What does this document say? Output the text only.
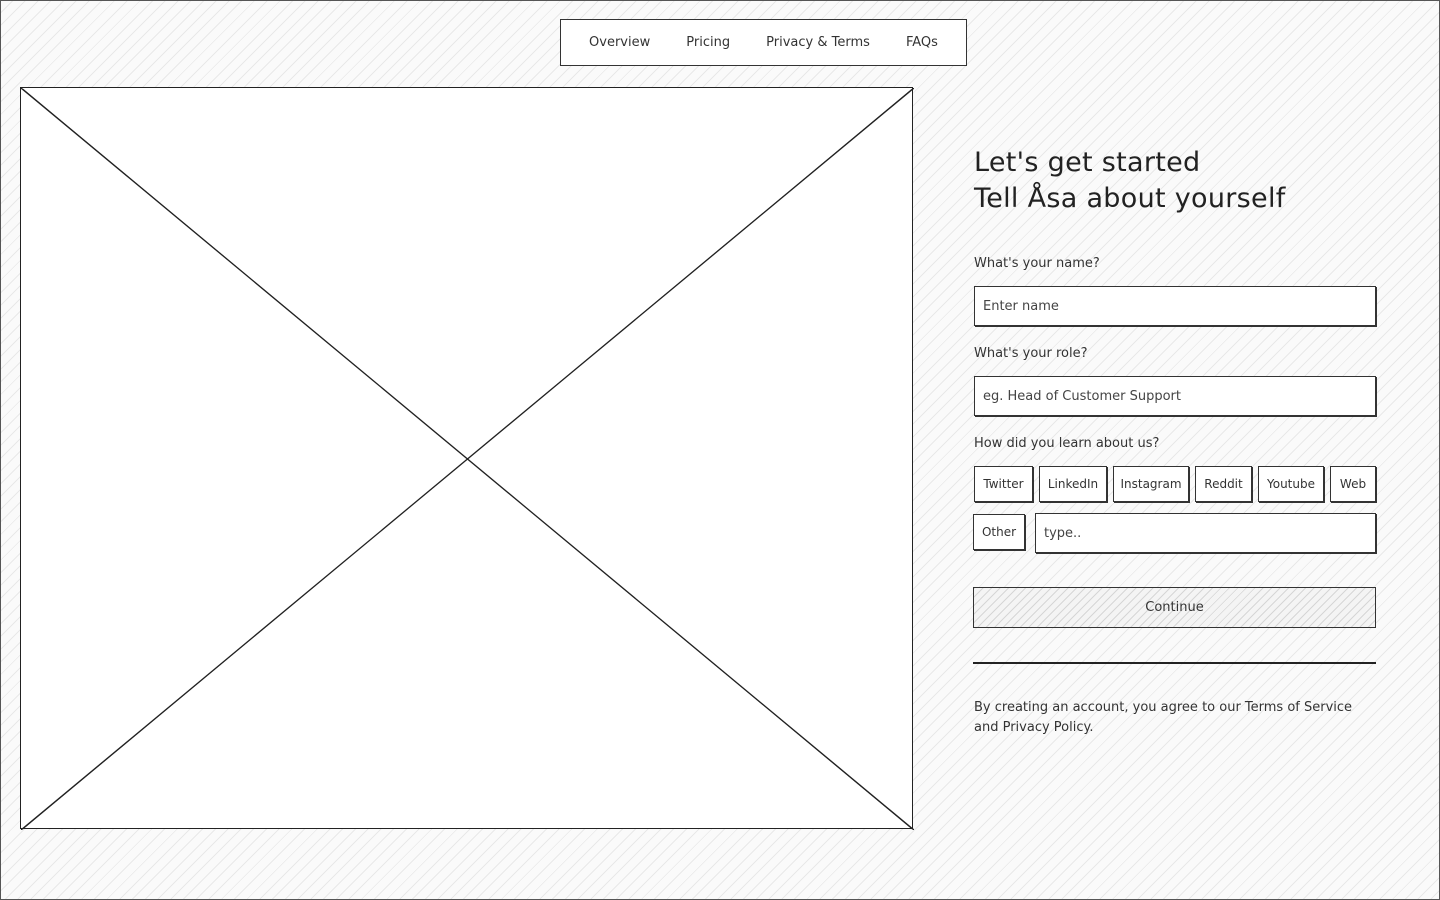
Overview	Pricing	Privacy & Terms	FAQs
Let's get started
Tell Åsa about yourself
What's your name?
Enter name
What's your role?
eg. Head of Customer Support
How did you learn about us?
Twitter	LinkedIn	Instagram	Reddit	Youtube	Web
Other
type..
Continue
By creating an account, you agree to our Terms of Service and Privacy Policy.
